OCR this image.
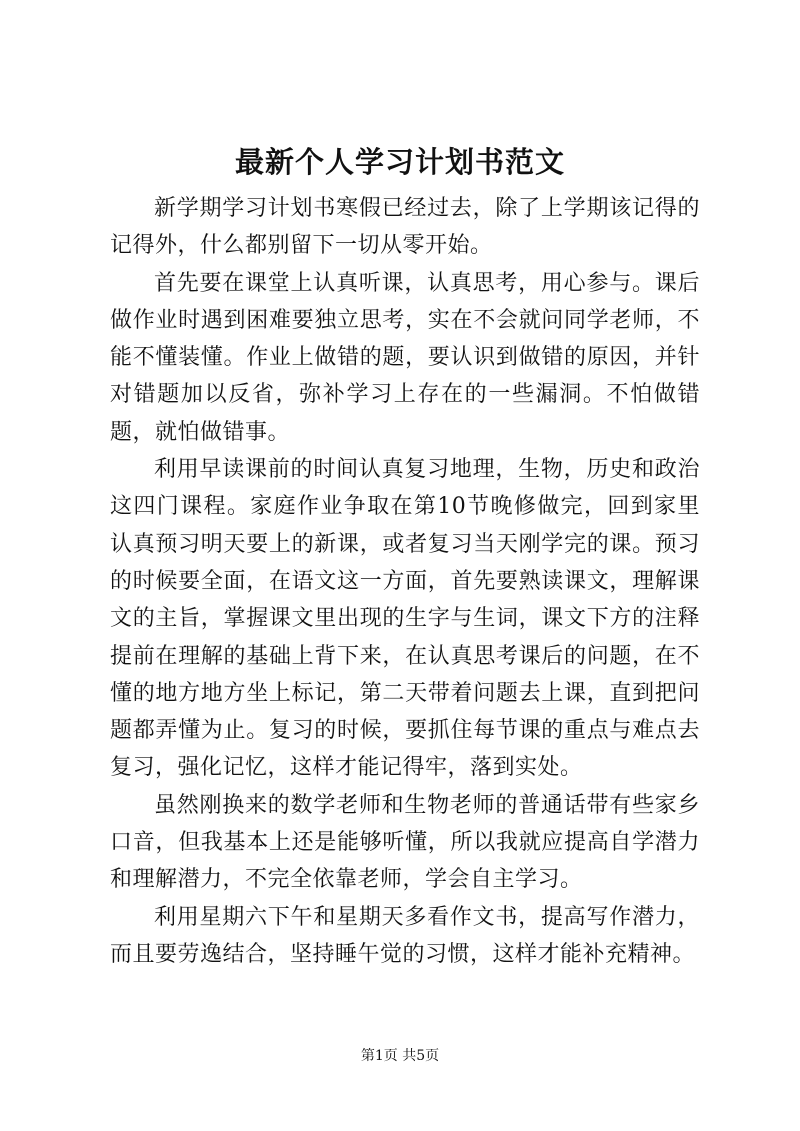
最新个人学习计划书范文

新学期学习计划书寒假已经过去，除了上学期该记得的记得外，什么都别留下一切从零开始。

首先要在课堂上认真听课，认真思考，用心参与。课后做作业时遇到困难要独立思考，实在不会就问同学老师，不能不懂装懂。作业上做错的题，要认识到做错的原因，并针对错题加以反省，弥补学习上存在的一些漏洞。不怕做错题，就怕做错事。

利用早读课前的时间认真复习地理，生物，历史和政治这四门课程。家庭作业争取在第10节晚修做完，回到家里认真预习明天要上的新课，或者复习当天刚学完的课。预习的时候要全面，在语文这一方面，首先要熟读课文，理解课文的主旨，掌握课文里出现的生字与生词，课文下方的注释提前在理解的基础上背下来，在认真思考课后的问题，在不懂的地方地方坐上标记，第二天带着问题去上课，直到把问题都弄懂为止。复习的时候，要抓住每节课的重点与难点去复习，强化记忆，这样才能记得牢，落到实处。

虽然刚换来的数学老师和生物老师的普通话带有些家乡口音，但我基本上还是能够听懂，所以我就应提高自学潜力和理解潜力，不完全依靠老师，学会自主学习。

利用星期六下午和星期天多看作文书，提高写作潜力，而且要劳逸结合，坚持睡午觉的习惯，这样才能补充精神。

第1页 共5页
